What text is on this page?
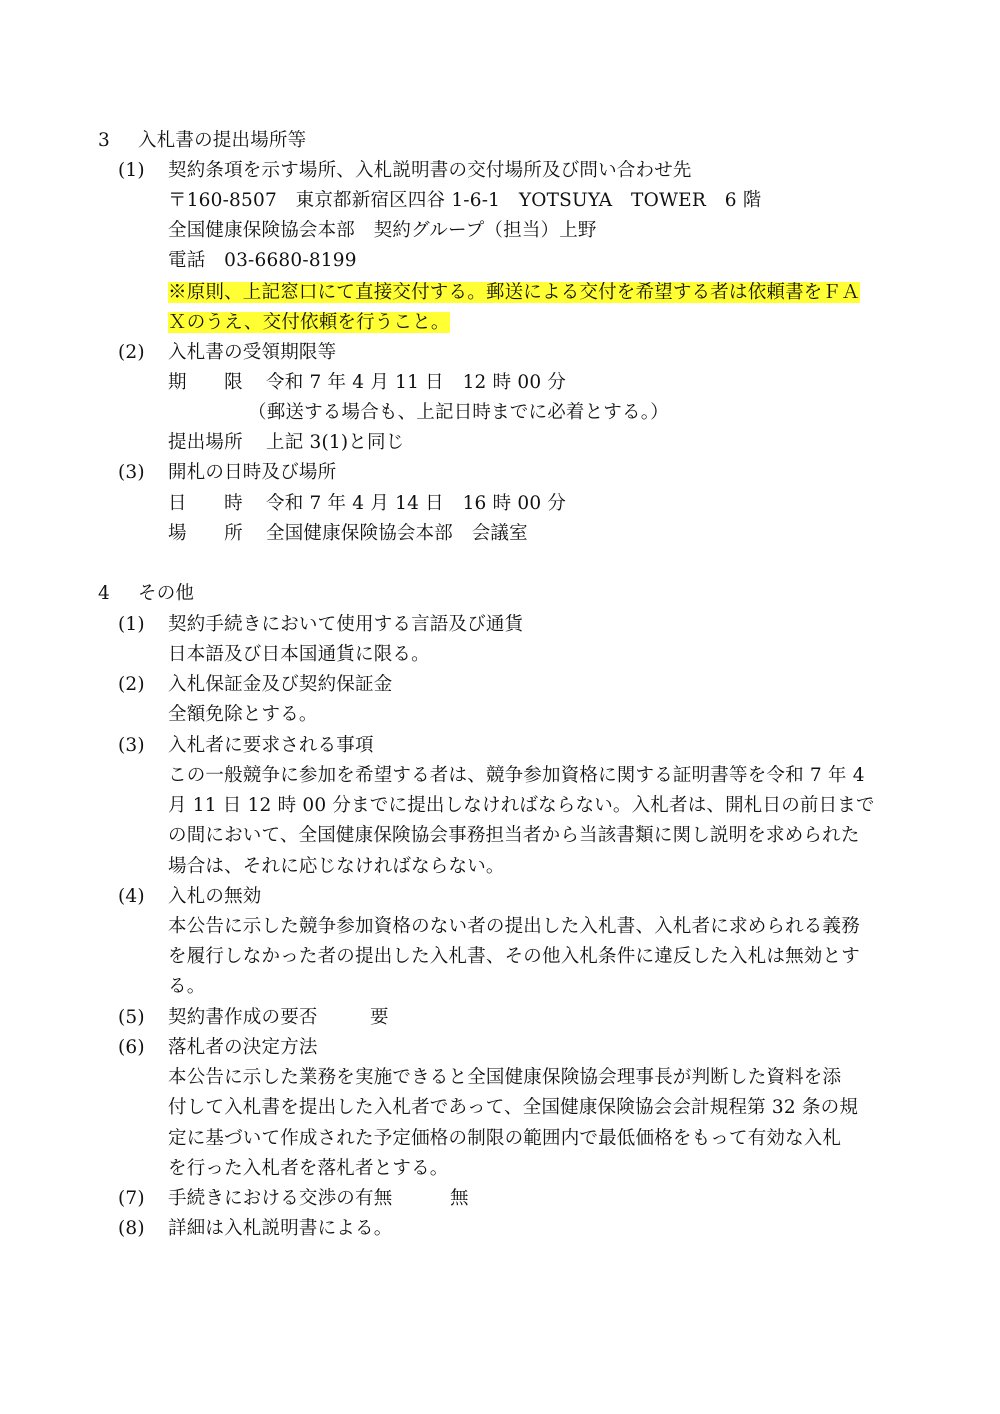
3 入札書の提出場所等
(1) 契約条項を示す場所、入札説明書の交付場所及び問い合わせ先
〒160-8507　東京都新宿区四谷 1-6-1　YOTSUYA　TOWER　6 階
全国健康保険協会本部　契約グループ（担当）上野
電話　03-6680-8199
※原則、上記窓口にて直接交付する。郵送による交付を希望する者は依頼書をＦＡ
Ｘのうえ、交付依頼を行うこと。
(2) 入札書の受領期限等
期　　限 令和 7 年 4 月 11 日　12 時 00 分
（郵送する場合も、上記日時までに必着とする。）
提出場所 上記 3(1)と同じ
(3) 開札の日時及び場所
日　　時 令和 7 年 4 月 14 日　16 時 00 分
場　　所 全国健康保険協会本部　会議室
4 その他
(1) 契約手続きにおいて使用する言語及び通貨
日本語及び日本国通貨に限る。
(2) 入札保証金及び契約保証金
全額免除とする。
(3) 入札者に要求される事項
この一般競争に参加を希望する者は、競争参加資格に関する証明書等を令和 7 年 4
月 11 日 12 時 00 分までに提出しなければならない。入札者は、開札日の前日まで
の間において、全国健康保険協会事務担当者から当該書類に関し説明を求められた
場合は、それに応じなければならない。
(4) 入札の無効
本公告に示した競争参加資格のない者の提出した入札書、入札者に求められる義務
を履行しなかった者の提出した入札書、その他入札条件に違反した入札は無効とす
る。
(5) 契約書作成の要否	要
(6) 落札者の決定方法
本公告に示した業務を実施できると全国健康保険協会理事長が判断した資料を添
付して入札書を提出した入札者であって、全国健康保険協会会計規程第 32 条の規
定に基づいて作成された予定価格の制限の範囲内で最低価格をもって有効な入札
を行った入札者を落札者とする。
(7) 手続きにおける交渉の有無	無
(8) 詳細は入札説明書による。
